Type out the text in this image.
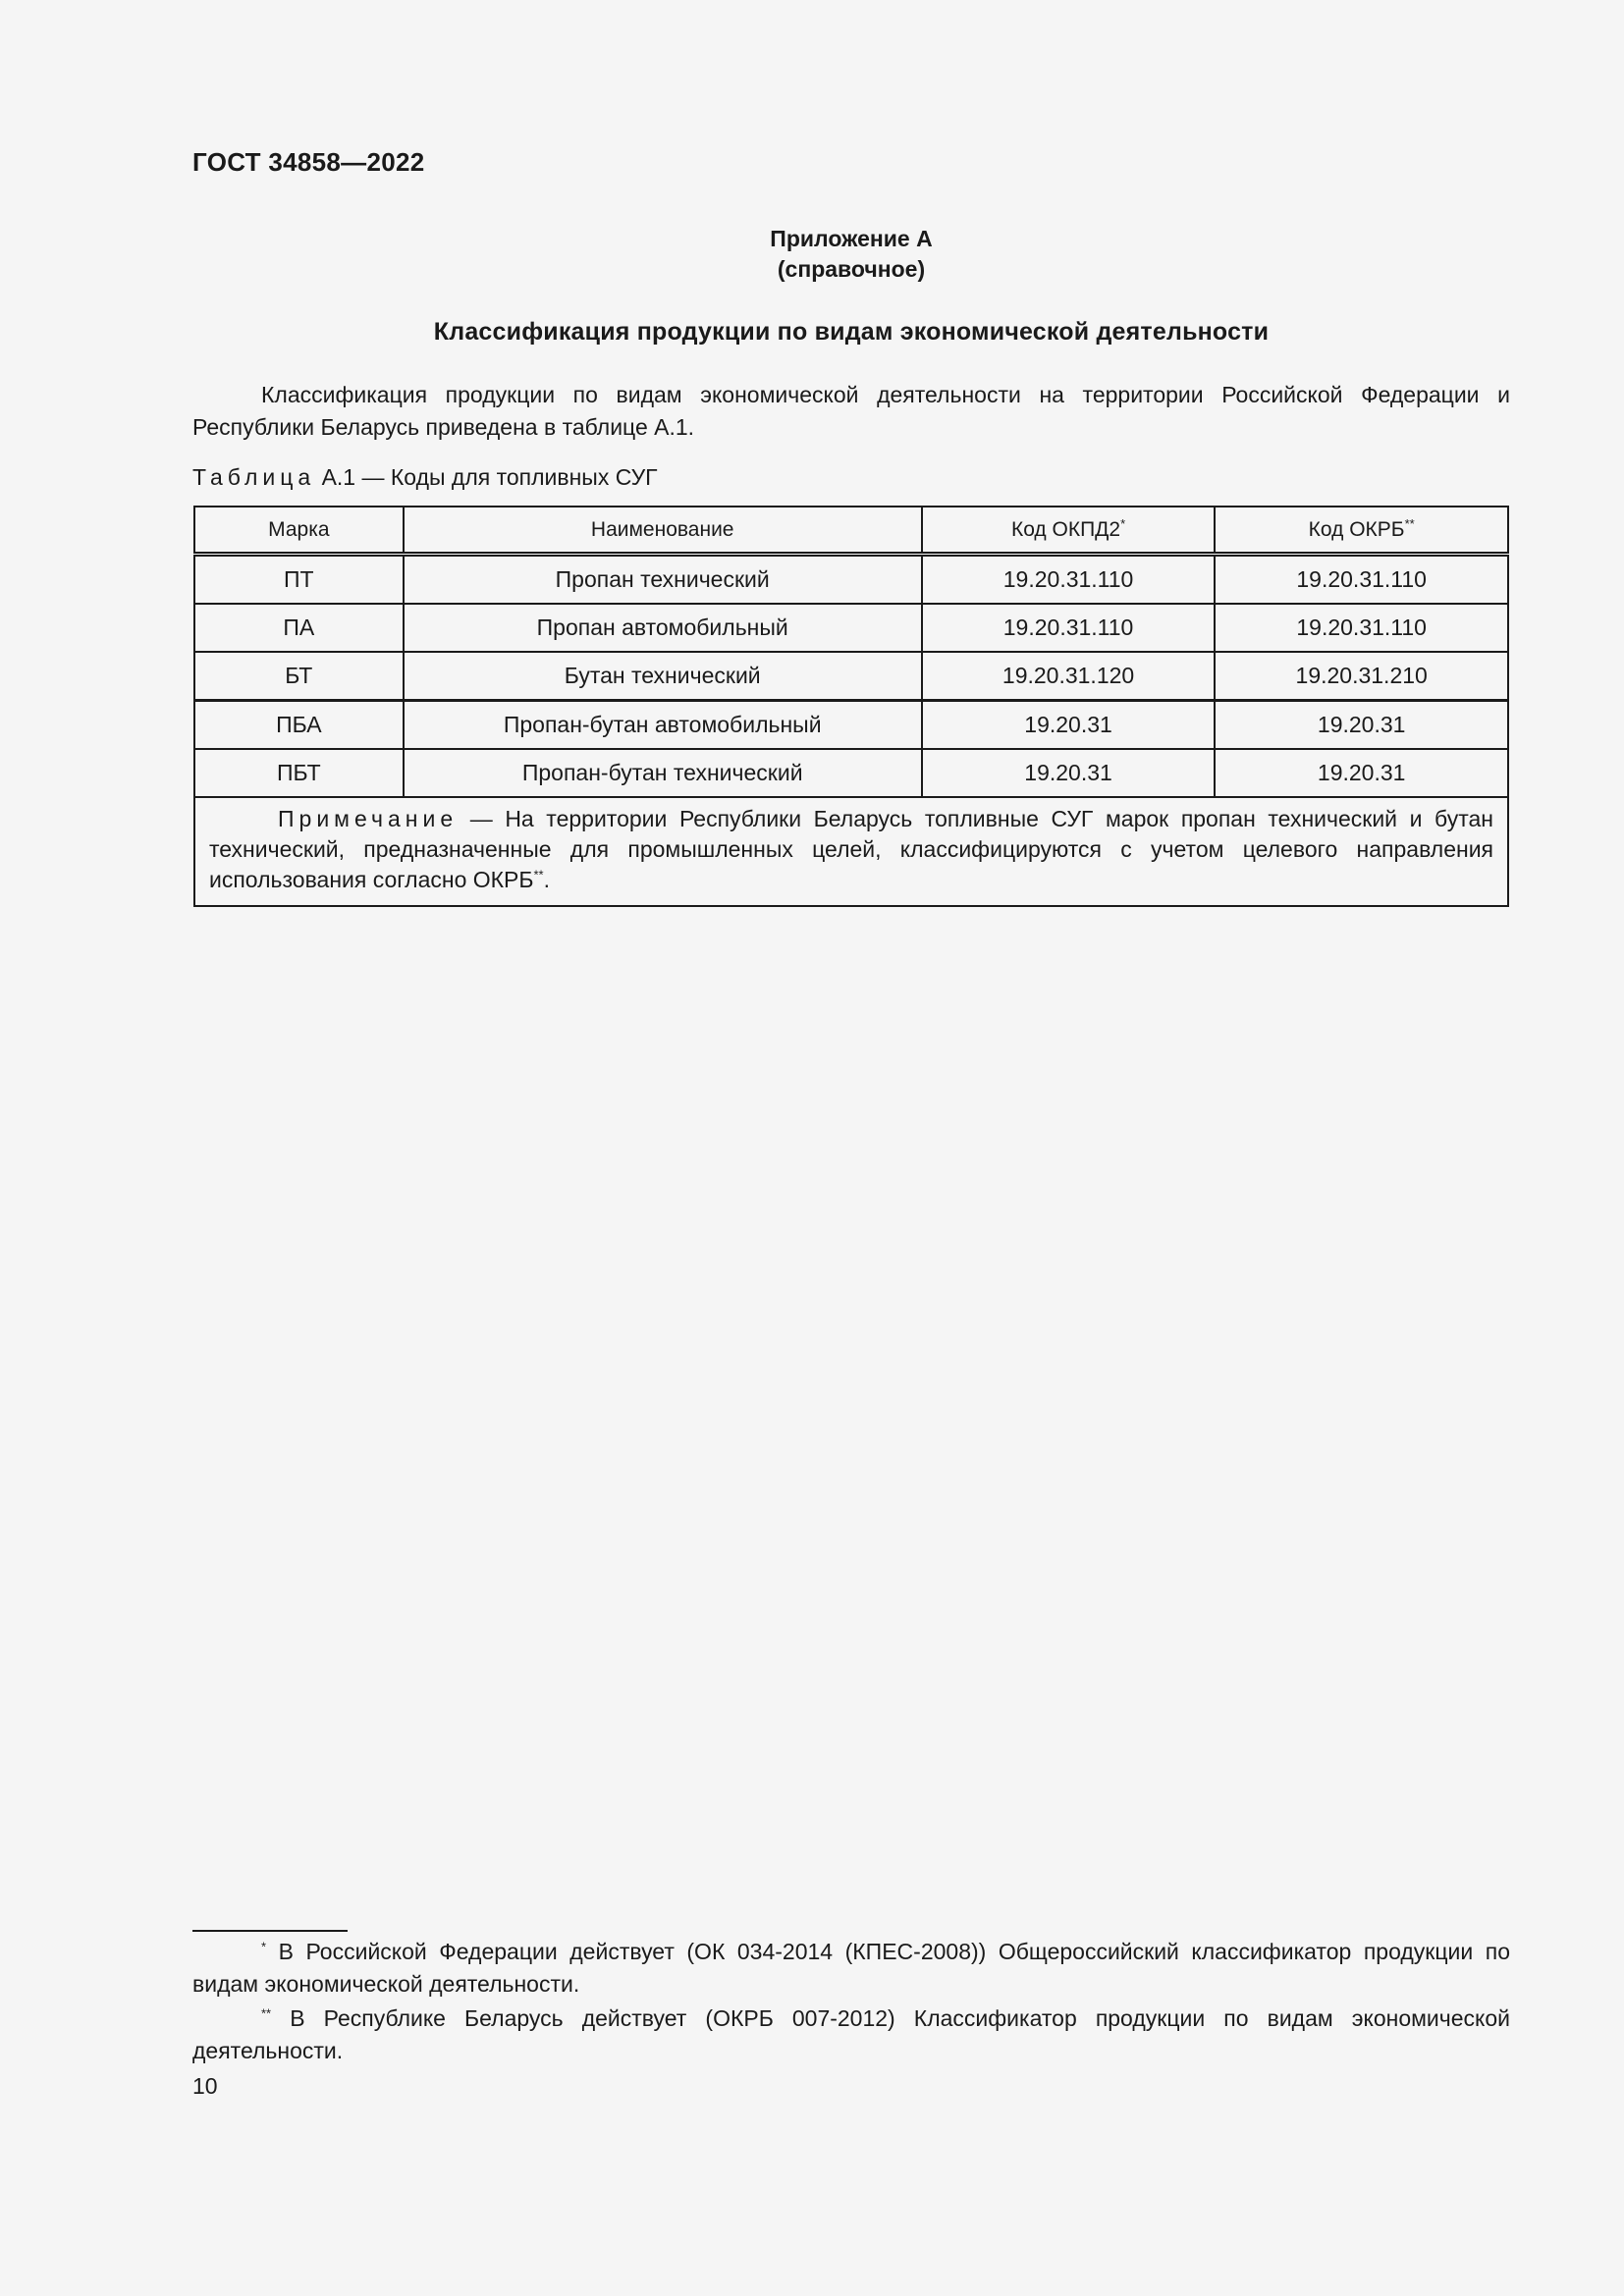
ГОСТ 34858—2022
Приложение А
(справочное)
Классификация продукции по видам экономической деятельности
Классификация продукции по видам экономической деятельности на территории Российской Федерации и Республики Беларусь приведена в таблице А.1.
Таблица А.1 — Коды для топливных СУГ
Марка	Наименование	Код ОКПД2*	Код ОКРБ**
ПТ	Пропан технический	19.20.31.110	19.20.31.110
ПА	Пропан автомобильный	19.20.31.110	19.20.31.110
БТ	Бутан технический	19.20.31.120	19.20.31.210
ПБА	Пропан-бутан автомобильный	19.20.31	19.20.31
ПБТ	Пропан-бутан технический	19.20.31	19.20.31
Примечание — На территории Республики Беларусь топливные СУГ марок пропан технический и бутан технический, предназначенные для промышленных целей, классифицируются с учетом целевого направления использования согласно ОКРБ**.			
* В Российской Федерации действует (ОК 034-2014 (КПЕС-2008)) Общероссийский классификатор продукции по видам экономической деятельности.
** В Республике Беларусь действует (ОКРБ 007-2012) Классификатор продукции по видам экономической деятельности.
10
